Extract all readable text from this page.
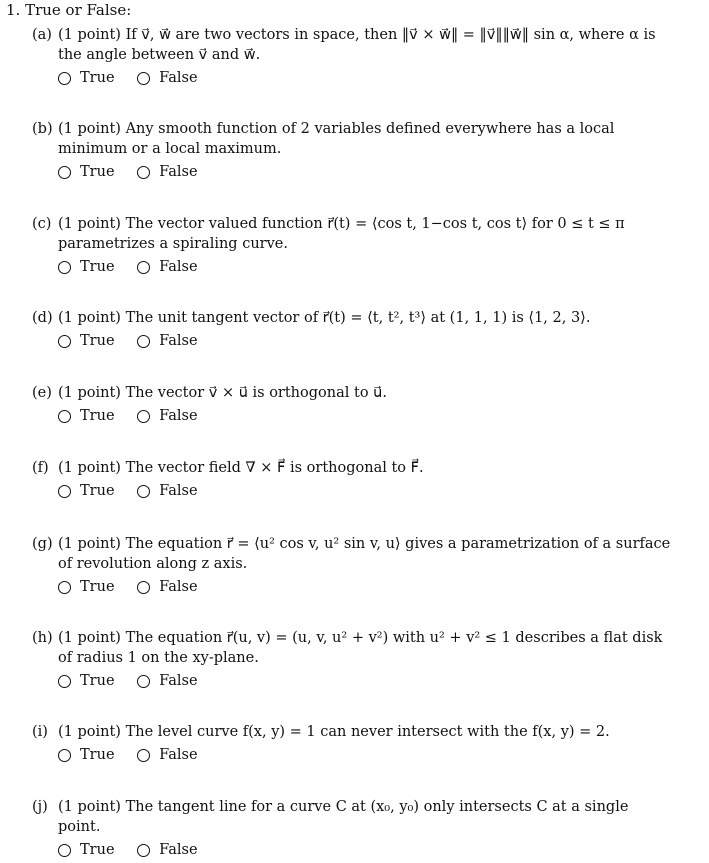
1. True or False:
(a) (1 point) If v⃗, w⃗ are two vectors in space, then ‖v⃗ × w⃗‖ = ‖v⃗‖‖w⃗‖ sin α, where α is the angle between v⃗ and w⃗.
True
	False
(b) (1 point) Any smooth function of 2 variables defined everywhere has a local minimum or a local maximum.
True
	False
(c) (1 point) The vector valued function r⃗(t) = ⟨cos t, 1−cos t, cos t⟩ for 0 ≤ t ≤ π parametrizes a spiraling curve.
True
	False
(d) (1 point) The unit tangent vector of r⃗(t) = ⟨t, t², t³⟩ at (1, 1, 1) is ⟨1, 2, 3⟩.
True
	False
(e) (1 point) The vector v⃗ × u⃗ is orthogonal to u⃗.
True
	False
(f) (1 point) The vector field ∇ × F⃗ is orthogonal to F⃗.
True
	False
(g) (1 point) The equation r⃗ = ⟨u² cos v, u² sin v, u⟩ gives a parametrization of a surface of revolution along z axis.
True
	False
(h) (1 point) The equation r⃗(u, v) = (u, v, u² + v²) with u² + v² ≤ 1 describes a flat disk of radius 1 on the xy-plane.
True
	False
(i) (1 point) The level curve f(x, y) = 1 can never intersect with the f(x, y) = 2.
True
	False
(j) (1 point) The tangent line for a curve C at (x₀, y₀) only intersects C at a single point.
True
	False
